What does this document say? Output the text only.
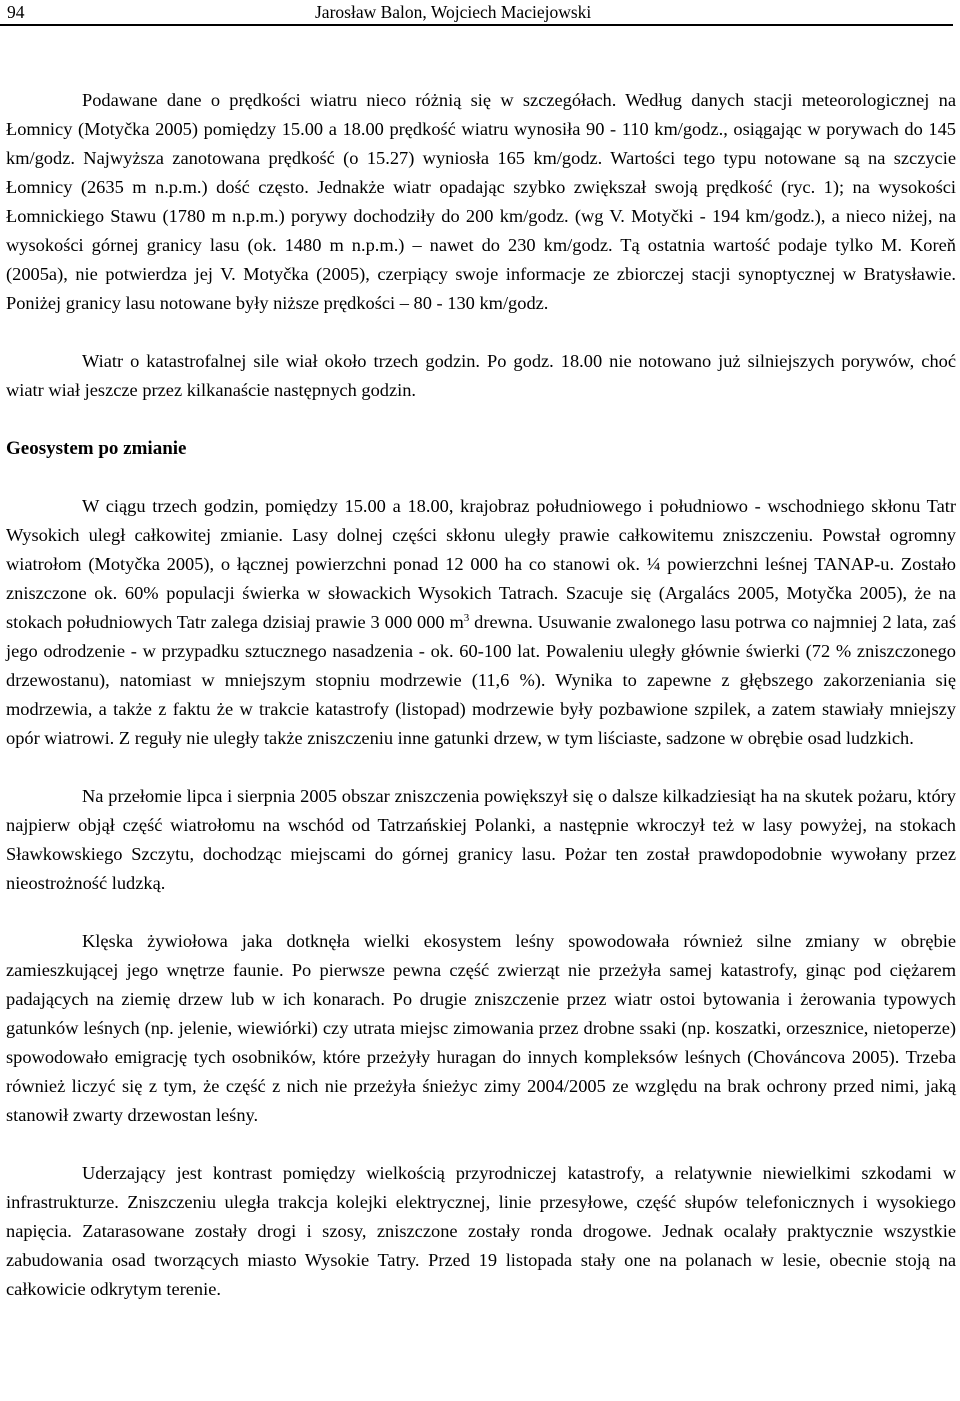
94	Jarosław Balon, Wojciech Maciejowski

Podawane dane o prędkości wiatru nieco różnią się w szczegółach. Według danych stacji meteorologicznej na Łomnicy (Motyčka 2005) pomiędzy 15.00 a 18.00 prędkość wiatru wynosiła 90 - 110 km/godz., osiągając w porywach do 145 km/godz. Najwyższa zanotowana prędkość (o 15.27) wyniosła 165 km/godz. Wartości tego typu notowane są na szczycie Łomnicy (2635 m n.p.m.) dość często. Jednakże wiatr opadając szybko zwiększał swoją prędkość (ryc. 1); na wysokości Łomnickiego Stawu (1780 m n.p.m.) porywy dochodziły do 200 km/godz. (wg V. Motyčki - 194 km/godz.), a nieco niżej, na wysokości górnej granicy lasu (ok. 1480 m n.p.m.) – nawet do 230 km/godz. Tą ostatnia wartość podaje tylko M. Koreň (2005a), nie potwierdza jej V. Motyčka (2005), czerpiący swoje informacje ze zbiorczej stacji synoptycznej w Bratysławie. Poniżej granicy lasu notowane były niższe prędkości – 80 - 130 km/godz.

Wiatr o katastrofalnej sile wiał około trzech godzin. Po godz. 18.00 nie notowano już silniejszych porywów, choć wiatr wiał jeszcze przez kilkanaście następnych godzin.

Geosystem po zmianie

W ciągu trzech godzin, pomiędzy 15.00 a 18.00, krajobraz południowego i południowo - wschodniego skłonu Tatr Wysokich uległ całkowitej zmianie. Lasy dolnej części skłonu uległy prawie całkowitemu zniszczeniu. Powstał ogromny wiatrołom (Motyčka 2005), o łącznej powierzchni ponad 12 000 ha co stanowi ok. ¼ powierzchni leśnej TANAP-u. Zostało zniszczone ok. 60% populacji świerka w słowackich Wysokich Tatrach. Szacuje się (Argalács 2005, Motyčka 2005), że na stokach południowych Tatr zalega dzisiaj prawie 3 000 000 $m^3$ drewna. Usuwanie zwalonego lasu potrwa co najmniej 2 lata, zaś jego odrodzenie - w przypadku sztucznego nasadzenia - ok. 60-100 lat. Powaleniu uległy głównie świerki (72 % zniszczonego drzewostanu), natomiast w mniejszym stopniu modrzewie (11,6 %). Wynika to zapewne z głębszego zakorzeniania się modrzewia, a także z faktu że w trakcie katastrofy (listopad) modrzewie były pozbawione szpilek, a zatem stawiały mniejszy opór wiatrowi. Z reguły nie uległy także zniszczeniu inne gatunki drzew, w tym liściaste, sadzone w obrębie osad ludzkich.

Na przełomie lipca i sierpnia 2005 obszar zniszczenia powiększył się o dalsze kilkadziesiąt ha na skutek pożaru, który najpierw objął część wiatrołomu na wschód od Tatrzańskiej Polanki, a następnie wkroczył też w lasy powyżej, na stokach Sławkowskiego Szczytu, dochodząc miejscami do górnej granicy lasu. Pożar ten został prawdopodobnie wywołany przez nieostrożność ludzką.

Klęska żywiołowa jaka dotknęła wielki ekosystem leśny spowodowała również silne zmiany w obrębie zamieszkującej jego wnętrze faunie. Po pierwsze pewna część zwierząt nie przeżyła samej katastrofy, ginąc pod ciężarem padających na ziemię drzew lub w ich konarach. Po drugie zniszczenie przez wiatr ostoi bytowania i żerowania typowych gatunków leśnych (np. jelenie, wiewiórki) czy utrata miejsc zimowania przez drobne ssaki (np. koszatki, orzesznice, nietoperze) spowodowało emigrację tych osobników, które przeżyły huragan do innych kompleksów leśnych (Chováncova 2005). Trzeba również liczyć się z tym, że część z nich nie przeżyła śnieżyc zimy 2004/2005 ze względu na brak ochrony przed nimi, jaką stanowił zwarty drzewostan leśny.

Uderzający jest kontrast pomiędzy wielkością przyrodniczej katastrofy, a relatywnie niewielkimi szkodami w infrastrukturze. Zniszczeniu uległa trakcja kolejki elektrycznej, linie przesyłowe, część słupów telefonicznych i wysokiego napięcia. Zatarasowane zostały drogi i szosy, zniszczone zostały ronda drogowe. Jednak ocalały praktycznie wszystkie zabudowania osad tworzących miasto Wysokie Tatry. Przed 19 listopada stały one na polanach w lesie, obecnie stoją na całkowicie odkrytym terenie.
